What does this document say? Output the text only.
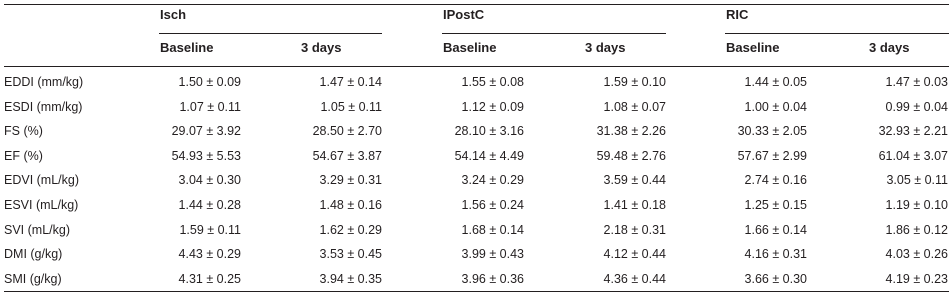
Isch	IPostC	RIC
Baseline	3 days	Baseline	3 days	Baseline	3 days
EDDI (mm/kg)	1.50 ± 0.09	1.47 ± 0.14	1.55 ± 0.08	1.59 ± 0.10	1.44 ± 0.05	1.47 ± 0.03
ESDI (mm/kg)	1.07 ± 0.11	1.05 ± 0.11	1.12 ± 0.09	1.08 ± 0.07	1.00 ± 0.04	0.99 ± 0.04
FS (%)	29.07 ± 3.92	28.50 ± 2.70	28.10 ± 3.16	31.38 ± 2.26	30.33 ± 2.05	32.93 ± 2.21
EF (%)	54.93 ± 5.53	54.67 ± 3.87	54.14 ± 4.49	59.48 ± 2.76	57.67 ± 2.99	61.04 ± 3.07
EDVI (mL/kg)	3.04 ± 0.30	3.29 ± 0.31	3.24 ± 0.29	3.59 ± 0.44	2.74 ± 0.16	3.05 ± 0.11
ESVI (mL/kg)	1.44 ± 0.28	1.48 ± 0.16	1.56 ± 0.24	1.41 ± 0.18	1.25 ± 0.15	1.19 ± 0.10
SVI (mL/kg)	1.59 ± 0.11	1.62 ± 0.29	1.68 ± 0.14	2.18 ± 0.31	1.66 ± 0.14	1.86 ± 0.12
DMI (g/kg)	4.43 ± 0.29	3.53 ± 0.45	3.99 ± 0.43	4.12 ± 0.44	4.16 ± 0.31	4.03 ± 0.26
SMI (g/kg)	4.31 ± 0.25	3.94 ± 0.35	3.96 ± 0.36	4.36 ± 0.44	3.66 ± 0.30	4.19 ± 0.23
